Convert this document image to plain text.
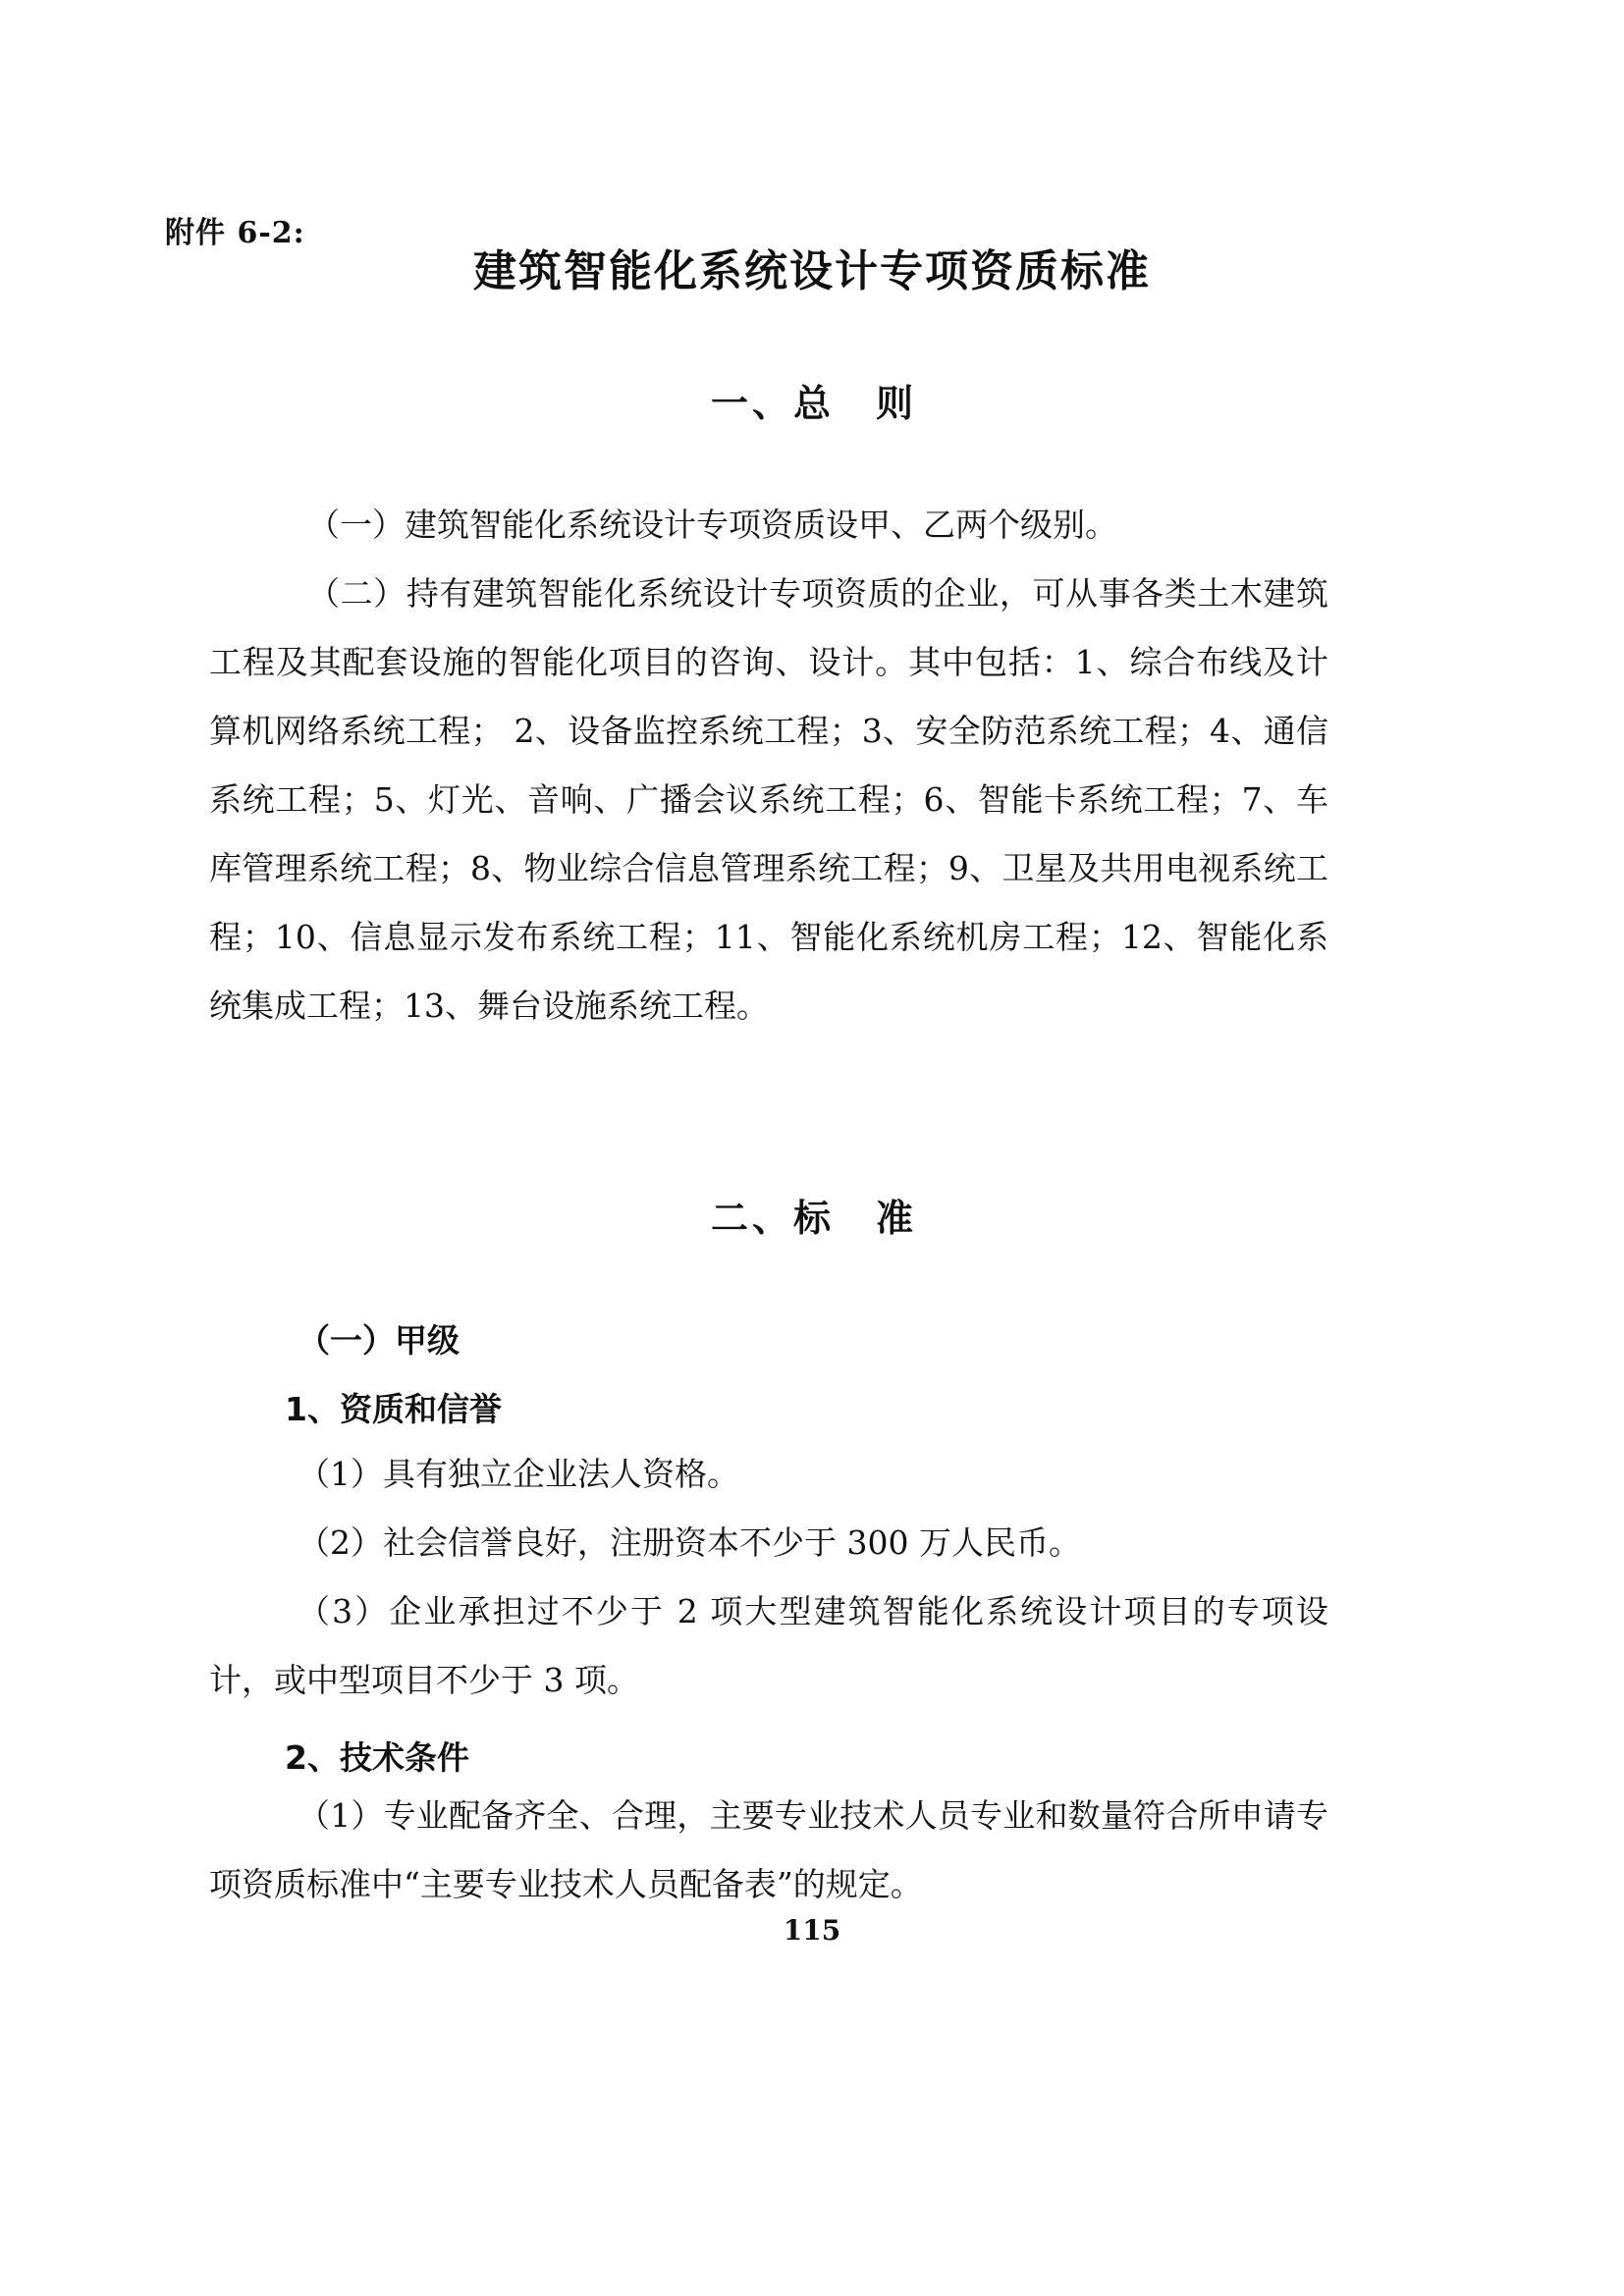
附件 6-2:

建筑智能化系统设计专项资质标准
一、总 则

（一）建筑智能化系统设计专项资质设甲、乙两个级别。

（二）持有建筑智能化系统设计专项资质的企业，可从事各类土木建筑工程及其配套设施的智能化项目的咨询、设计。其中包括：1、综合布线及计算机网络系统工程； 2、设备监控系统工程；3、安全防范系统工程；4、通信系统工程；5、灯光、音响、广播会议系统工程；6、智能卡系统工程；7、车库管理系统工程；8、物业综合信息管理系统工程；9、卫星及共用电视系统工程；10、信息显示发布系统工程；11、智能化系统机房工程；12、智能化系统集成工程；13、舞台设施系统工程。

二、标 准

（一）甲级

1、资质和信誉

（1）具有独立企业法人资格。

（2）社会信誉良好，注册资本不少于 300 万人民币。

（3）企业承担过不少于 2 项大型建筑智能化系统设计项目的专项设计，或中型项目不少于 3 项。

2、技术条件

（1）专业配备齐全、合理，主要专业技术人员专业和数量符合所申请专项资质标准中“主要专业技术人员配备表”的规定。

115
